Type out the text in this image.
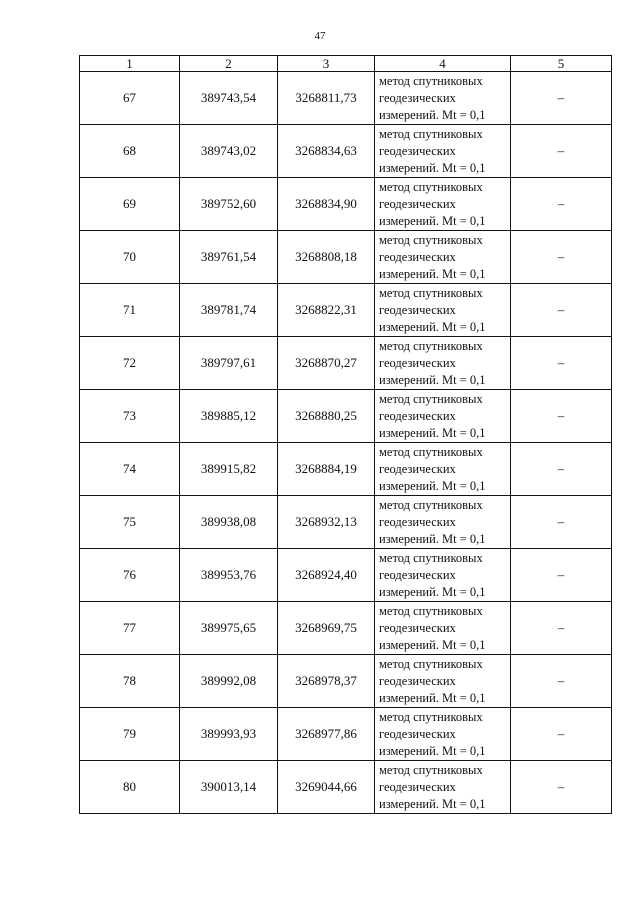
47
1	2	3	4	5
67	389743,54	3268811,73	метод спутниковых
геодезических
измерений. Mt = 0,1	–
68	389743,02	3268834,63	метод спутниковых
геодезических
измерений. Mt = 0,1	–
69	389752,60	3268834,90	метод спутниковых
геодезических
измерений. Mt = 0,1	–
70	389761,54	3268808,18	метод спутниковых
геодезических
измерений. Mt = 0,1	–
71	389781,74	3268822,31	метод спутниковых
геодезических
измерений. Mt = 0,1	–
72	389797,61	3268870,27	метод спутниковых
геодезических
измерений. Mt = 0,1	–
73	389885,12	3268880,25	метод спутниковых
геодезических
измерений. Mt = 0,1	–
74	389915,82	3268884,19	метод спутниковых
геодезических
измерений. Mt = 0,1	–
75	389938,08	3268932,13	метод спутниковых
геодезических
измерений. Mt = 0,1	–
76	389953,76	3268924,40	метод спутниковых
геодезических
измерений. Mt = 0,1	–
77	389975,65	3268969,75	метод спутниковых
геодезических
измерений. Mt = 0,1	–
78	389992,08	3268978,37	метод спутниковых
геодезических
измерений. Mt = 0,1	–
79	389993,93	3268977,86	метод спутниковых
геодезических
измерений. Mt = 0,1	–
80	390013,14	3269044,66	метод спутниковых
геодезических
измерений. Mt = 0,1	–
